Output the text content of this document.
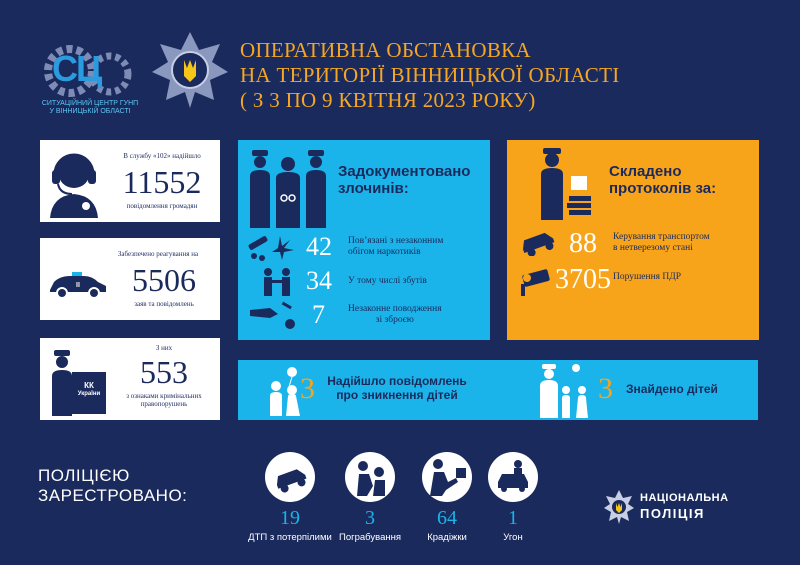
СЦ
СИТУАЦІЙНИЙ ЦЕНТР ГУНП
У ВІННИЦЬКІЙ ОБЛАСТІ
ОПЕРАТИВНА ОБСТАНОВКА
НА ТЕРИТОРІЇ ВІННИЦЬКОЇ ОБЛАСТІ
( З 3 ПО 9 КВІТНЯ 2023 РОКУ)
В службу «102» надійшло
11552
повідомлення громадян
Забезпечено реагування на
II	5506
заяв та повідомлень
КК
України
З них
553
з ознаками кримінальних
правопорушень
Задокументовано
злочинів:
42 Пов’язані з незаконним
обігом наркотиків
34 У тому числі збутів
7 Незаконне поводження
зі зброєю
Складено
протоколів за:
88 Керування транспортом
в нетверезому стані
3705 Порушення ПДР
3	Надійшло повідомлень
про зникнення дітей	3 Знайдено дітей
ПОЛІЦІЄЮ
ЗАРЕСТРОВАНО:
19
ДТП з потерпілими
3
Пограбування
64
Крадіжки
1
Угон
НАЦІОНАЛЬНА
ПОЛІЦІЯ
